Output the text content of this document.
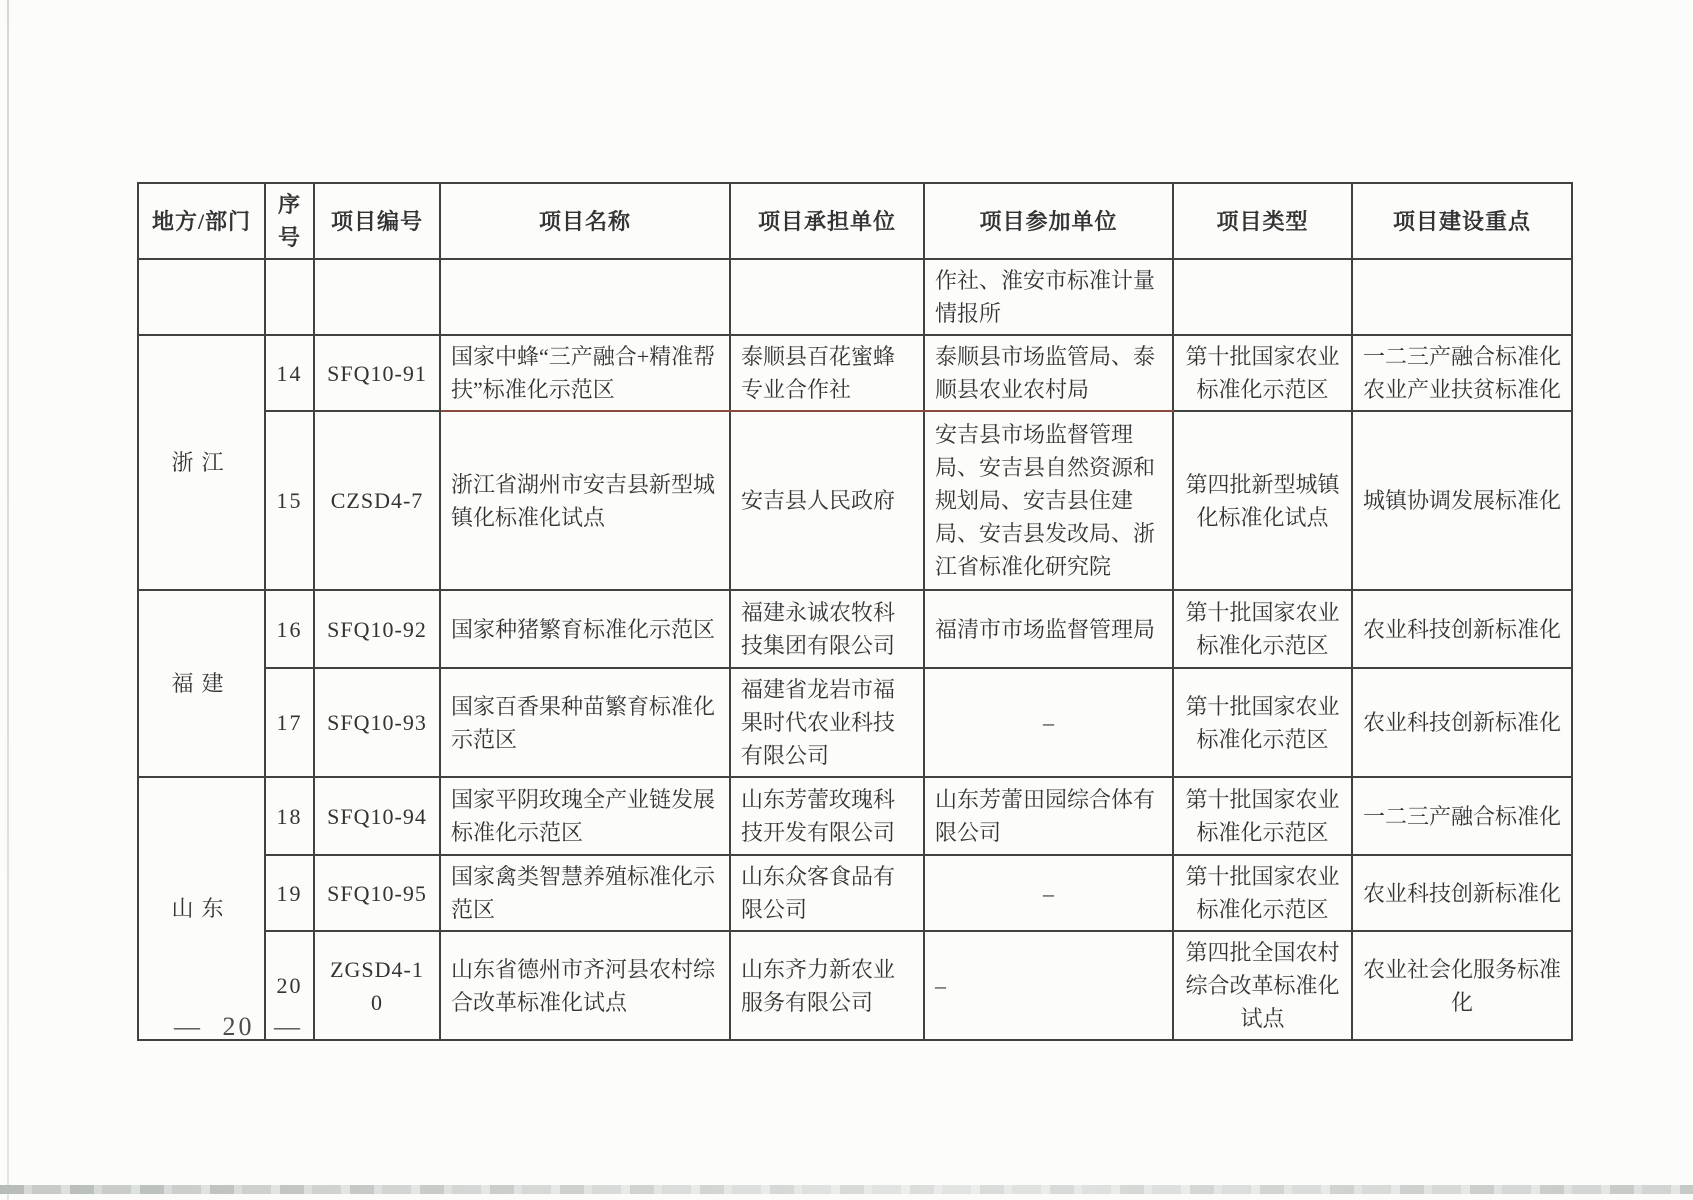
地方/部门	序号	项目编号	项目名称	项目承担单位	项目参加单位	项目类型	项目建设重点
					作社、淮安市标准计量情报所		
浙江	14	SFQ10-91	国家中蜂“三产融合+精准帮扶”标准化示范区	泰顺县百花蜜蜂专业合作社	泰顺县市场监管局、泰顺县农业农村局	第十批国家农业标准化示范区	一二三产融合标准化
农业产业扶贫标准化
	15	CZSD4-7	浙江省湖州市安吉县新型城镇化标准化试点	安吉县人民政府	安吉县市场监督管理局、安吉县自然资源和规划局、安吉县住建局、安吉县发改局、浙江省标准化研究院	第四批新型城镇化标准化试点	城镇协调发展标准化
福建	16	SFQ10-92	国家种猪繁育标准化示范区	福建永诚农牧科技集团有限公司	福清市市场监督管理局	第十批国家农业标准化示范区	农业科技创新标准化
	17	SFQ10-93	国家百香果种苗繁育标准化示范区	福建省龙岩市福果时代农业科技有限公司	–	第十批国家农业标准化示范区	农业科技创新标准化
山东	18	SFQ10-94	国家平阴玫瑰全产业链发展标准化示范区	山东芳蕾玫瑰科技开发有限公司	山东芳蕾田园综合体有限公司	第十批国家农业标准化示范区	一二三产融合标准化
	19	SFQ10-95	国家禽类智慧养殖标准化示范区	山东众客食品有限公司	–	第十批国家农业标准化示范区	农业科技创新标准化
	20	ZGSD4-10	山东省德州市齐河县农村综合改革标准化试点	山东齐力新农业服务有限公司	–	第四批全国农村综合改革标准化试点	农业社会化服务标准化
— 20 —
